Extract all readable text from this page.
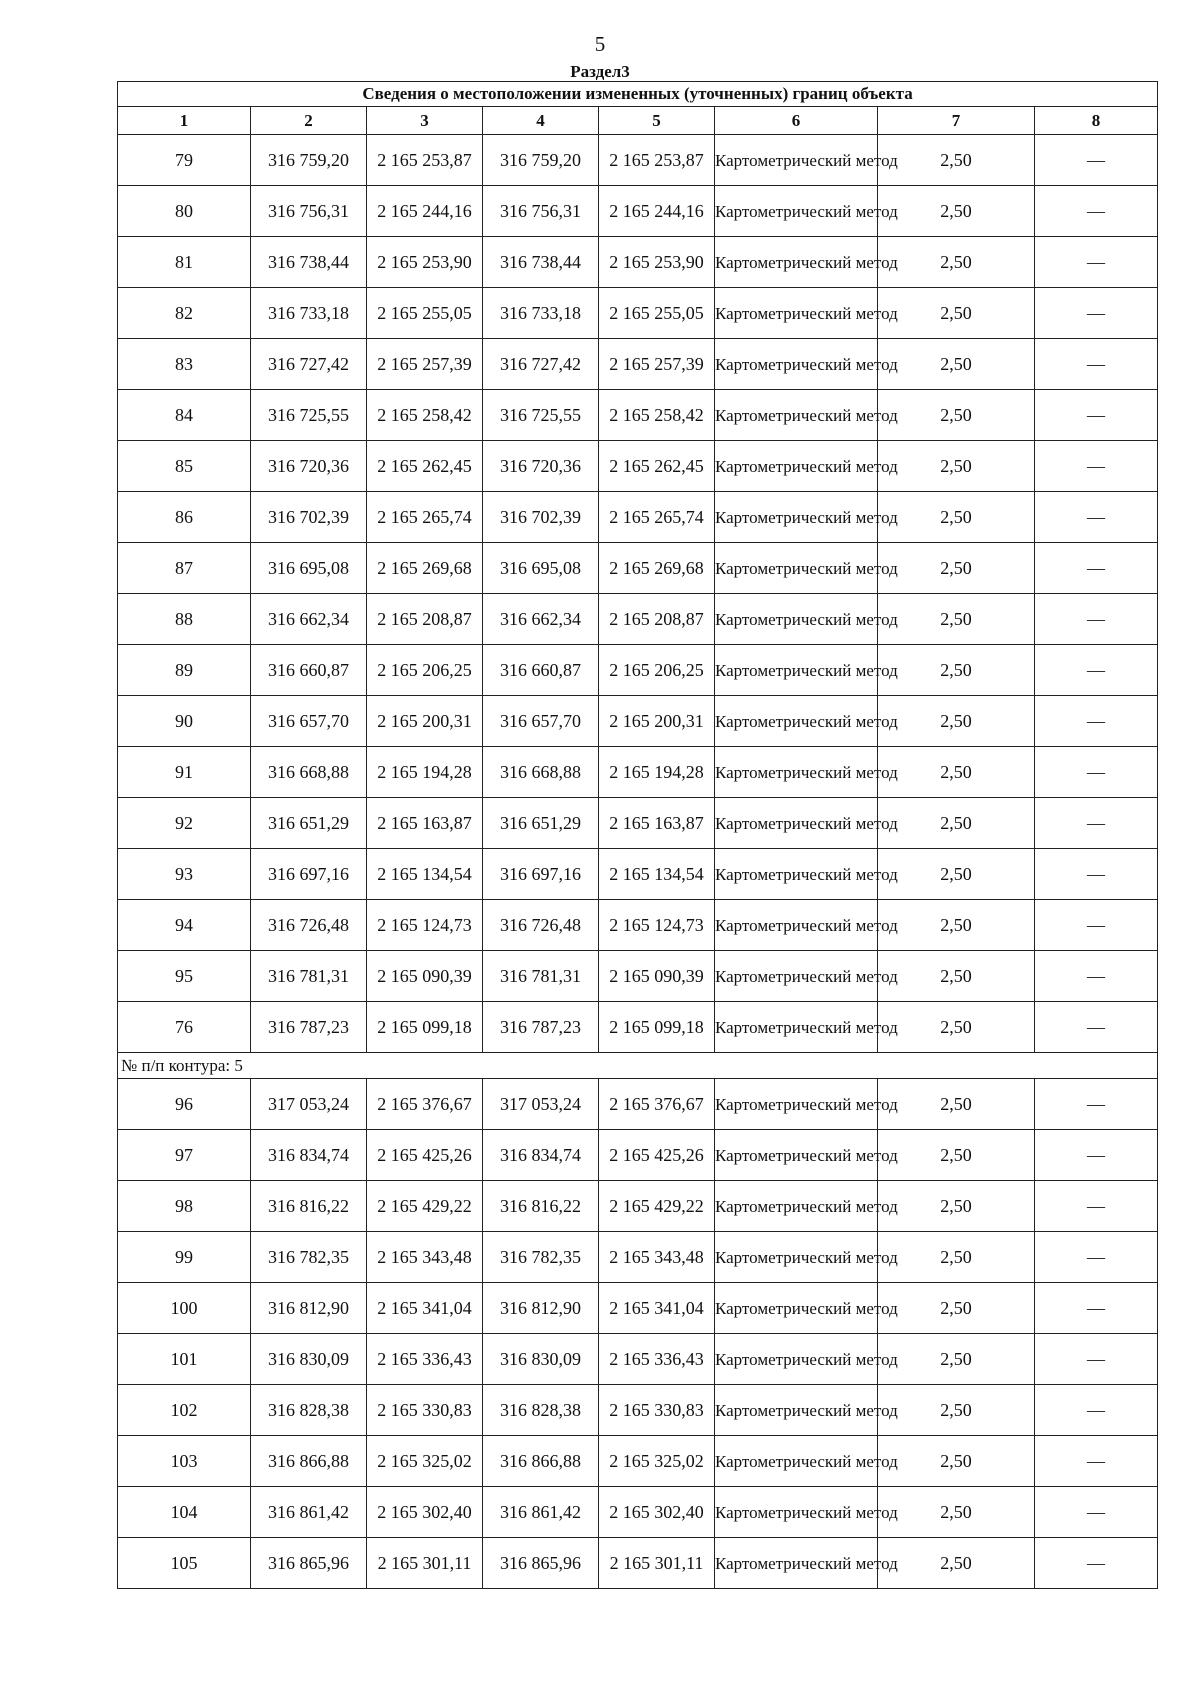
5
Раздел3
Сведения о местоположении измененных (уточненных) границ объекта							
1	2	3	4	5	6	7	8
79	316 759,20	2 165 253,87	316 759,20	2 165 253,87	Картометрический метод	2,50	—
80	316 756,31	2 165 244,16	316 756,31	2 165 244,16	Картометрический метод	2,50	—
81	316 738,44	2 165 253,90	316 738,44	2 165 253,90	Картометрический метод	2,50	—
82	316 733,18	2 165 255,05	316 733,18	2 165 255,05	Картометрический метод	2,50	—
83	316 727,42	2 165 257,39	316 727,42	2 165 257,39	Картометрический метод	2,50	—
84	316 725,55	2 165 258,42	316 725,55	2 165 258,42	Картометрический метод	2,50	—
85	316 720,36	2 165 262,45	316 720,36	2 165 262,45	Картометрический метод	2,50	—
86	316 702,39	2 165 265,74	316 702,39	2 165 265,74	Картометрический метод	2,50	—
87	316 695,08	2 165 269,68	316 695,08	2 165 269,68	Картометрический метод	2,50	—
88	316 662,34	2 165 208,87	316 662,34	2 165 208,87	Картометрический метод	2,50	—
89	316 660,87	2 165 206,25	316 660,87	2 165 206,25	Картометрический метод	2,50	—
90	316 657,70	2 165 200,31	316 657,70	2 165 200,31	Картометрический метод	2,50	—
91	316 668,88	2 165 194,28	316 668,88	2 165 194,28	Картометрический метод	2,50	—
92	316 651,29	2 165 163,87	316 651,29	2 165 163,87	Картометрический метод	2,50	—
93	316 697,16	2 165 134,54	316 697,16	2 165 134,54	Картометрический метод	2,50	—
94	316 726,48	2 165 124,73	316 726,48	2 165 124,73	Картометрический метод	2,50	—
95	316 781,31	2 165 090,39	316 781,31	2 165 090,39	Картометрический метод	2,50	—
76	316 787,23	2 165 099,18	316 787,23	2 165 099,18	Картометрический метод	2,50	—
№ п/п контура: 5							
96	317 053,24	2 165 376,67	317 053,24	2 165 376,67	Картометрический метод	2,50	—
97	316 834,74	2 165 425,26	316 834,74	2 165 425,26	Картометрический метод	2,50	—
98	316 816,22	2 165 429,22	316 816,22	2 165 429,22	Картометрический метод	2,50	—
99	316 782,35	2 165 343,48	316 782,35	2 165 343,48	Картометрический метод	2,50	—
100	316 812,90	2 165 341,04	316 812,90	2 165 341,04	Картометрический метод	2,50	—
101	316 830,09	2 165 336,43	316 830,09	2 165 336,43	Картометрический метод	2,50	—
102	316 828,38	2 165 330,83	316 828,38	2 165 330,83	Картометрический метод	2,50	—
103	316 866,88	2 165 325,02	316 866,88	2 165 325,02	Картометрический метод	2,50	—
104	316 861,42	2 165 302,40	316 861,42	2 165 302,40	Картометрический метод	2,50	—
105	316 865,96	2 165 301,11	316 865,96	2 165 301,11	Картометрический метод	2,50	—
